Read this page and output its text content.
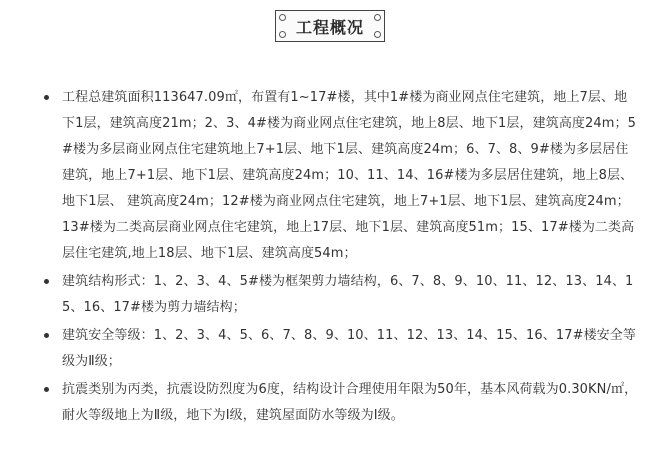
工程概况
工程总建筑面积113647.09㎡，布置有1~17#楼，其中1#楼为商业网点住宅建筑，地上7层、地下1层，建筑高度21m；2、3、4#楼为商业网点住宅建筑，地上8层、地下1层，建筑高度24m；5#楼为多层商业网点住宅建筑地上7+1层、地下1层、建筑高度24m；6、7、8、9#楼为多层居住建筑，地上7+1层、地下1层、建筑高度24m；10、11、14、16#楼为多层居住建筑，地上8层、地下1层、 建筑高度24m；12#楼为商业网点住宅建筑，地上7+1层、地下1层、建筑高度24m；13#楼为二类高层商业网点住宅建筑，地上17层、地下1层、建筑高度51m；15、17#楼为二类高层住宅建筑,地上18层、地下1层、建筑高度54m；
建筑结构形式：1、2、3、4、5#楼为框架剪力墙结构，6、7、8、9、10、11、12、13、14、15、16、17#楼为剪力墙结构；
建筑安全等级：1、2、3、4、5、6、7、8、9、10、11、12、13、14、15、16、17#楼安全等级为Ⅱ级；
抗震类别为丙类，抗震设防烈度为6度，结构设计合理使用年限为50年，基本风荷载为0.30KN/㎡，耐火等级地上为Ⅱ级，地下为Ⅰ级，建筑屋面防水等级为Ⅰ级。
